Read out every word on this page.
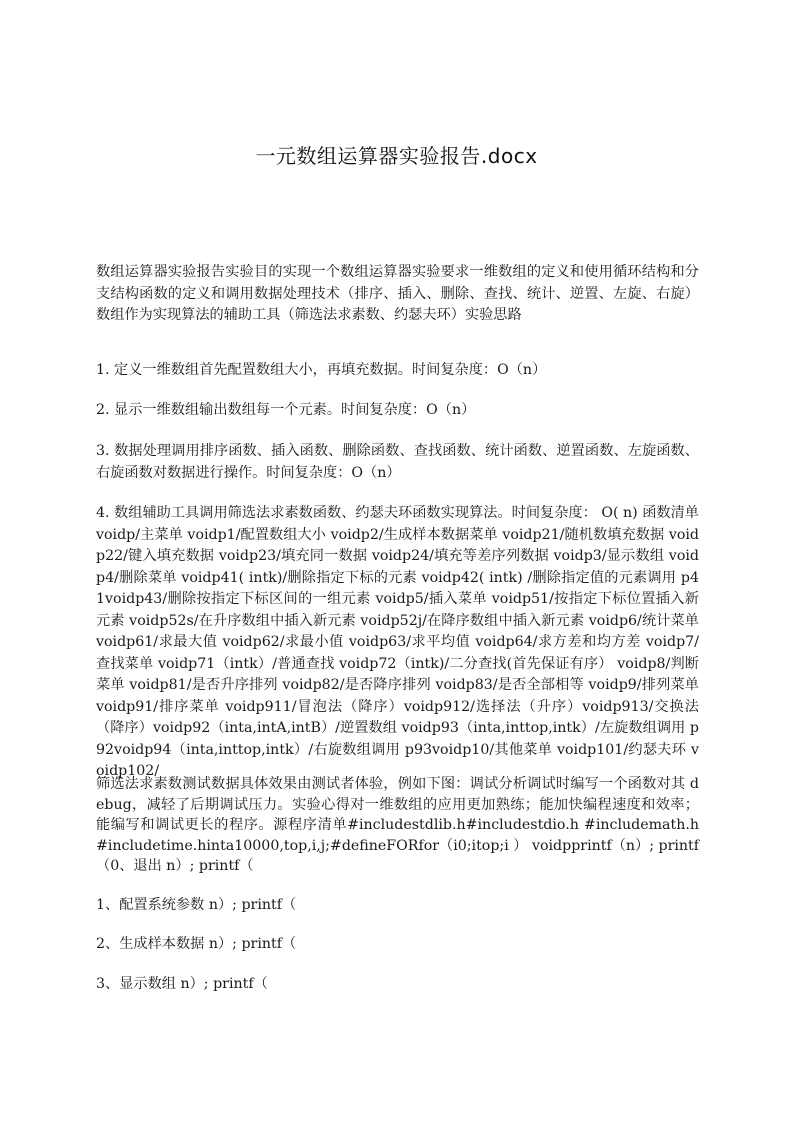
一元数组运算器实验报告.docx

数组运算器实验报告实验目的实现一个数组运算器实验要求一维数组的定义和使用循环结构和分支结构函数的定义和调用数据处理技术（排序、插入、删除、查找、统计、逆置、左旋、右旋）数组作为实现算法的辅助工具（筛选法求素数、约瑟夫环）实验思路

1. 定义一维数组首先配置数组大小，再填充数据。时间复杂度：O（n）

2. 显示一维数组输出数组每一个元素。时间复杂度：O（n）

3. 数据处理调用排序函数、插入函数、删除函数、查找函数、统计函数、逆置函数、左旋函数、右旋函数对数据进行操作。时间复杂度：O（n）

4. 数组辅助工具调用筛选法求素数函数、约瑟夫环函数实现算法。时间复杂度： O( n) 函数清单 voidp/主菜单 voidp1/配置数组大小 voidp2/生成样本数据菜单 voidp21/随机数填充数据 voidp22/键入填充数据 voidp23/填充同一数据 voidp24/填充等差序列数据 voidp3/显示数组 voidp4/删除菜单 voidp41( intk)/删除指定下标的元素 voidp42( intk) /删除指定值的元素调用 p41voidp43/删除按指定下标区间的一组元素 voidp5/插入菜单 voidp51/按指定下标位置插入新元素 voidp52s/在升序数组中插入新元素 voidp52j/在降序数组中插入新元素 voidp6/统计菜单 voidp61/求最大值 voidp62/求最小值 voidp63/求平均值 voidp64/求方差和均方差 voidp7/查找菜单 voidp71（intk）/普通查找 voidp72（intk)/二分查找(首先保证有序） voidp8/判断菜单 voidp81/是否升序排列 voidp82/是否降序排列 voidp83/是否全部相等 voidp9/排列菜单 voidp91/排序菜单 voidp911/冒泡法（降序）voidp912/选择法（升序）voidp913/交换法（降序）voidp92（inta,intA,intB）/逆置数组 voidp93（inta,inttop,intk）/左旋数组调用 p92voidp94（inta,inttop,intk）/右旋数组调用 p93voidp10/其他菜单 voidp101/约瑟夫环 voidp102/

筛选法求素数测试数据具体效果由测试者体验，例如下图：调试分析调试时编写一个函数对其 debug，减轻了后期调试压力。实验心得对一维数组的应用更加熟练；能加快编程速度和效率；能编写和调试更长的程序。源程序清单#includestdlib.h#includestdio.h #includemath.h#includetime.hinta10000,top,i,j;#defineFORfor（i0;itop;i ） voidpprintf（n）; printf（0、退出 n）; printf（

1、配置系统参数 n）; printf（

2、生成样本数据 n）; printf（

3、显示数组 n）; printf（
